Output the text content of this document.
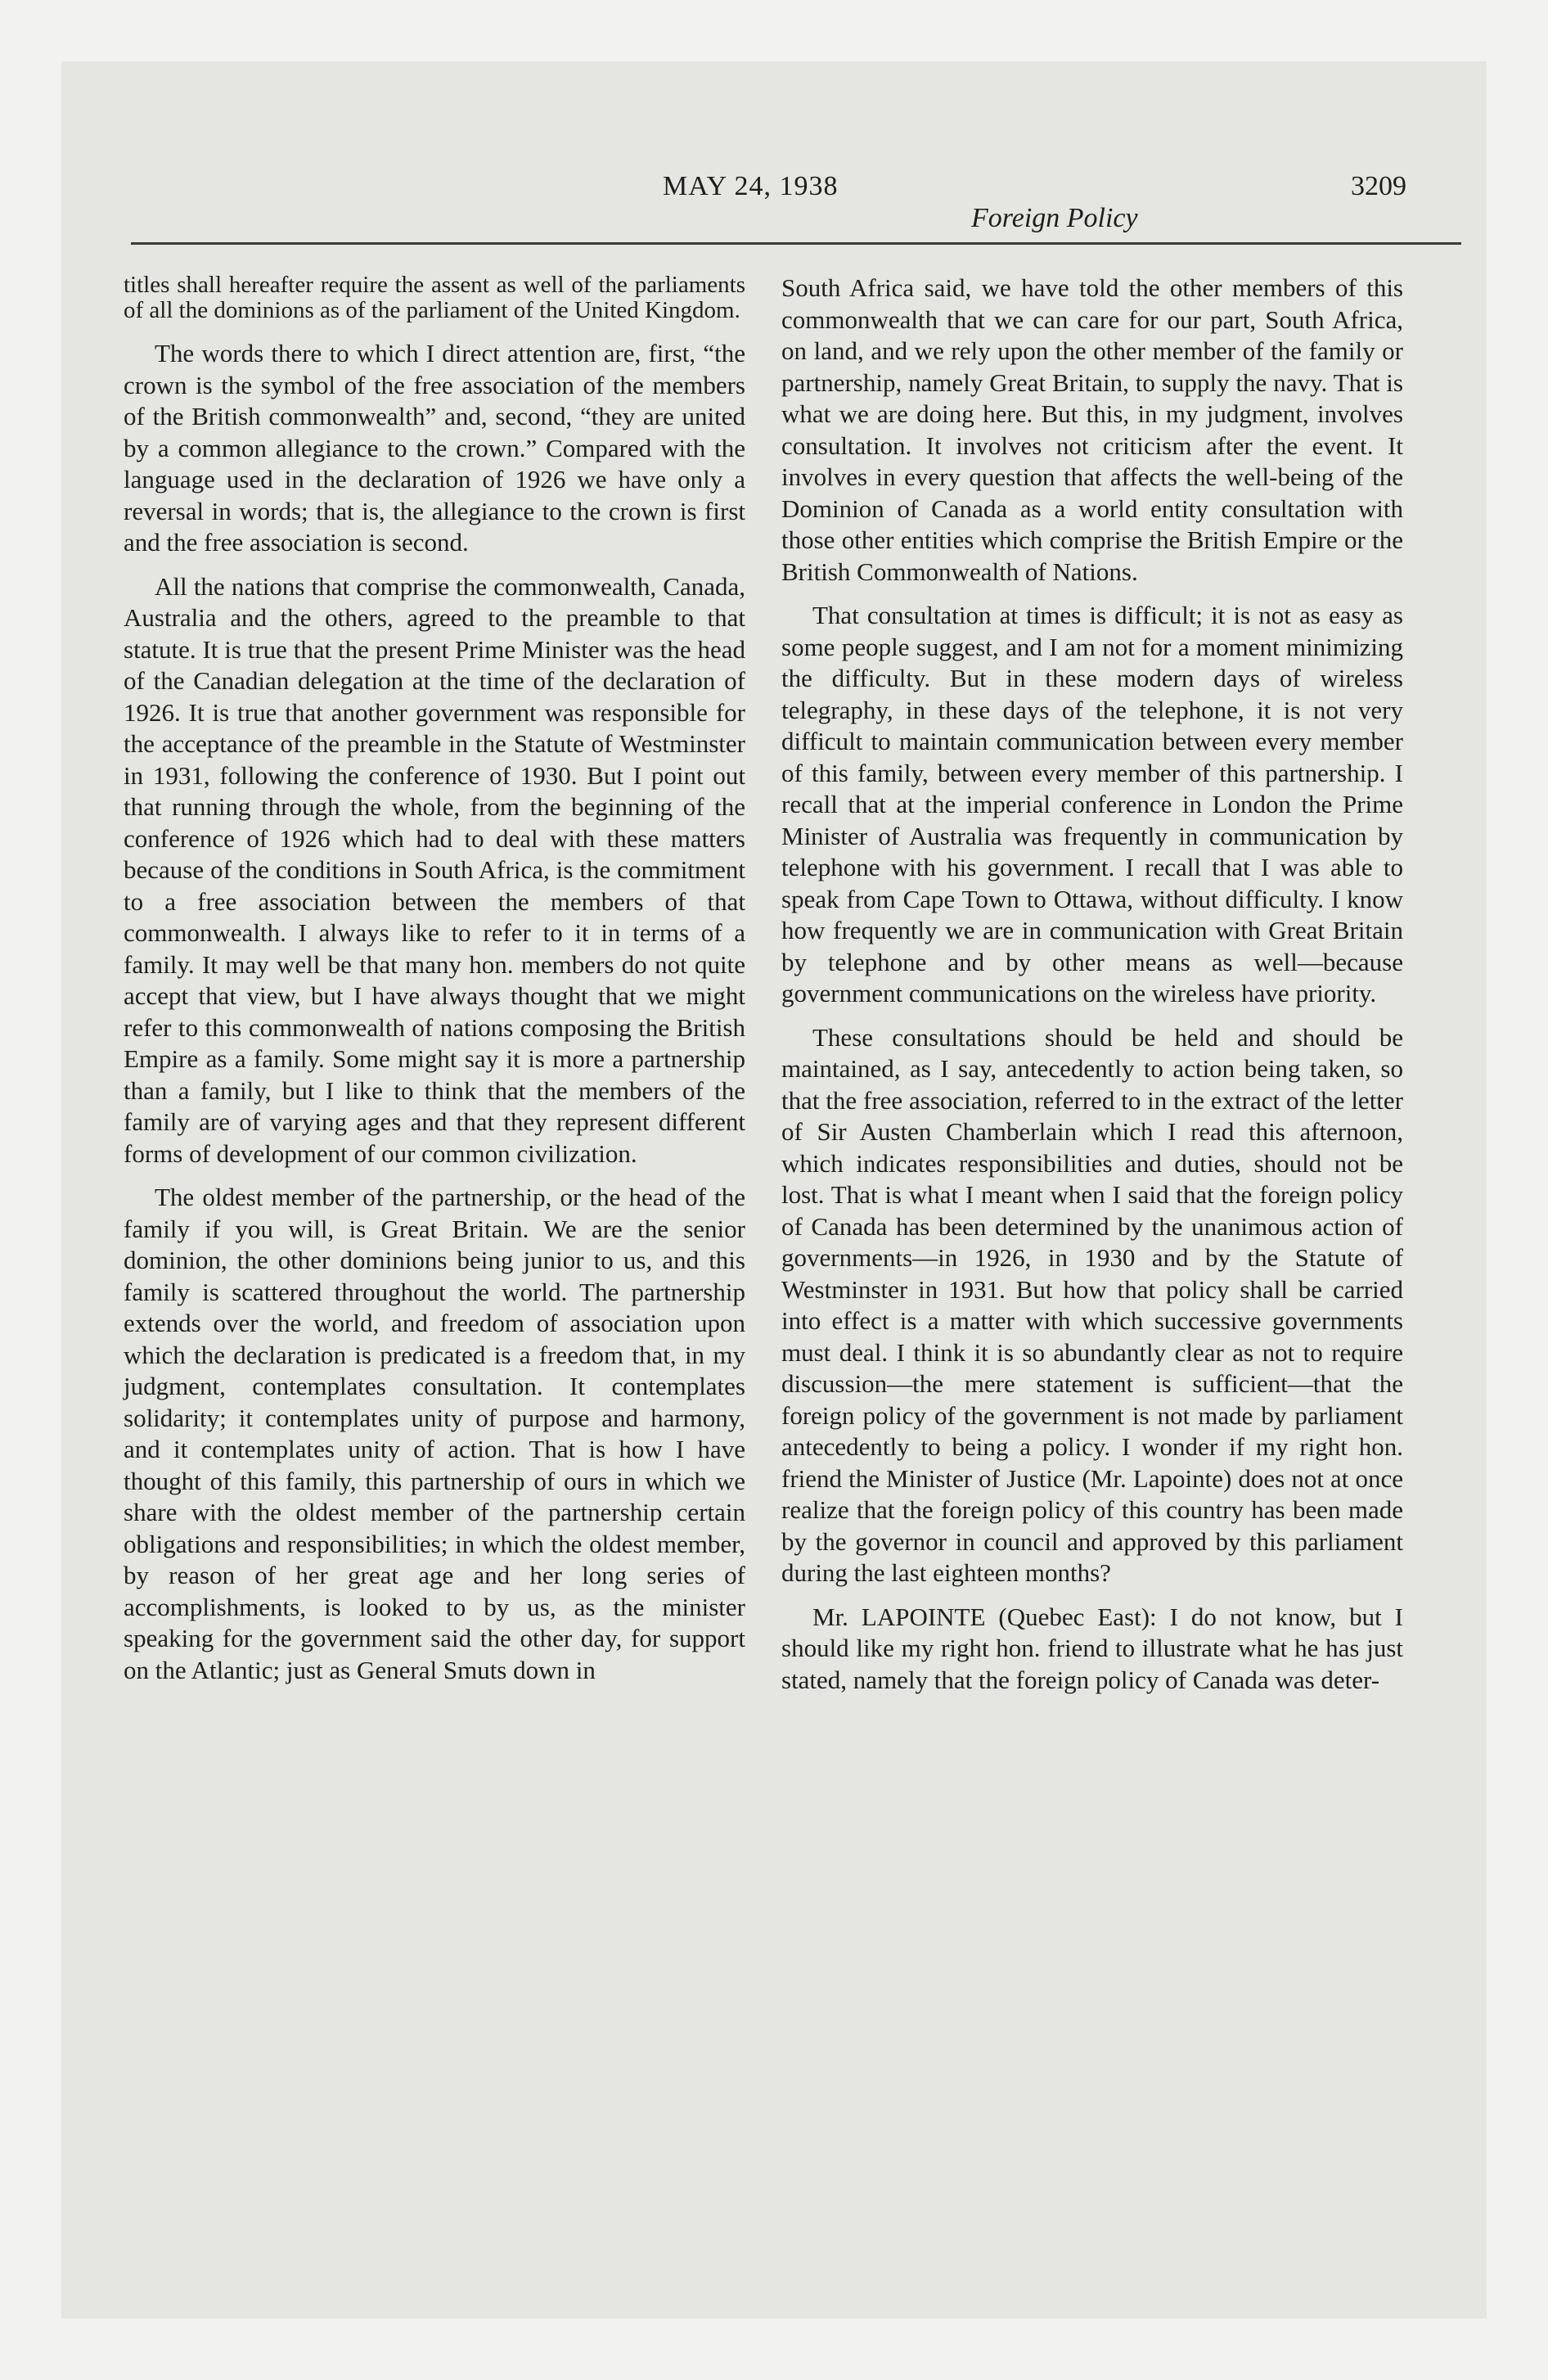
MAY 24, 1938
Foreign Policy
3209

titles shall hereafter require the assent as well of the parliaments of all the dominions as of the parliament of the United Kingdom.

The words there to which I direct attention are, first, “the crown is the symbol of the free association of the members of the British commonwealth” and, second, “they are united by a common allegiance to the crown.” Compared with the language used in the declaration of 1926 we have only a reversal in words; that is, the allegiance to the crown is first and the free association is second.

All the nations that comprise the commonwealth, Canada, Australia and the others, agreed to the preamble to that statute. It is true that the present Prime Minister was the head of the Canadian delegation at the time of the declaration of 1926. It is true that another government was responsible for the acceptance of the preamble in the Statute of Westminster in 1931, following the conference of 1930. But I point out that running through the whole, from the beginning of the conference of 1926 which had to deal with these matters because of the conditions in South Africa, is the commitment to a free association between the members of that commonwealth. I always like to refer to it in terms of a family. It may well be that many hon. members do not quite accept that view, but I have always thought that we might refer to this commonwealth of nations composing the British Empire as a family. Some might say it is more a partnership than a family, but I like to think that the members of the family are of varying ages and that they represent different forms of development of our common civilization.

The oldest member of the partnership, or the head of the family if you will, is Great Britain. We are the senior dominion, the other dominions being junior to us, and this family is scattered throughout the world. The partnership extends over the world, and freedom of association upon which the declaration is predicated is a freedom that, in my judgment, contemplates consultation. It contemplates solidarity; it contemplates unity of purpose and harmony, and it contemplates unity of action. That is how I have thought of this family, this partnership of ours in which we share with the oldest member of the partnership certain obligations and responsibilities; in which the oldest member, by reason of her great age and her long series of accomplishments, is looked to by us, as the minister speaking for the government said the other day, for support on the Atlantic; just as General Smuts down in

South Africa said, we have told the other members of this commonwealth that we can care for our part, South Africa, on land, and we rely upon the other member of the family or partnership, namely Great Britain, to supply the navy. That is what we are doing here. But this, in my judgment, involves consultation. It involves not criticism after the event. It involves in every question that affects the well-being of the Dominion of Canada as a world entity consultation with those other entities which comprise the British Empire or the British Commonwealth of Nations.

That consultation at times is difficult; it is not as easy as some people suggest, and I am not for a moment minimizing the difficulty. But in these modern days of wireless telegraphy, in these days of the telephone, it is not very difficult to maintain communication between every member of this family, between every member of this partnership. I recall that at the imperial conference in London the Prime Minister of Australia was frequently in communication by telephone with his government. I recall that I was able to speak from Cape Town to Ottawa, without difficulty. I know how frequently we are in communication with Great Britain by telephone and by other means as well—because government communications on the wireless have priority.

These consultations should be held and should be maintained, as I say, antecedently to action being taken, so that the free association, referred to in the extract of the letter of Sir Austen Chamberlain which I read this afternoon, which indicates responsibilities and duties, should not be lost. That is what I meant when I said that the foreign policy of Canada has been determined by the unanimous action of governments—in 1926, in 1930 and by the Statute of Westminster in 1931. But how that policy shall be carried into effect is a matter with which successive governments must deal. I think it is so abundantly clear as not to require discussion—the mere statement is sufficient—that the foreign policy of the government is not made by parliament antecedently to being a policy. I wonder if my right hon. friend the Minister of Justice (Mr. Lapointe) does not at once realize that the foreign policy of this country has been made by the governor in council and approved by this parliament during the last eighteen months?

Mr. LAPOINTE (Quebec East): I do not know, but I should like my right hon. friend to illustrate what he has just stated, namely that the foreign policy of Canada was deter-
